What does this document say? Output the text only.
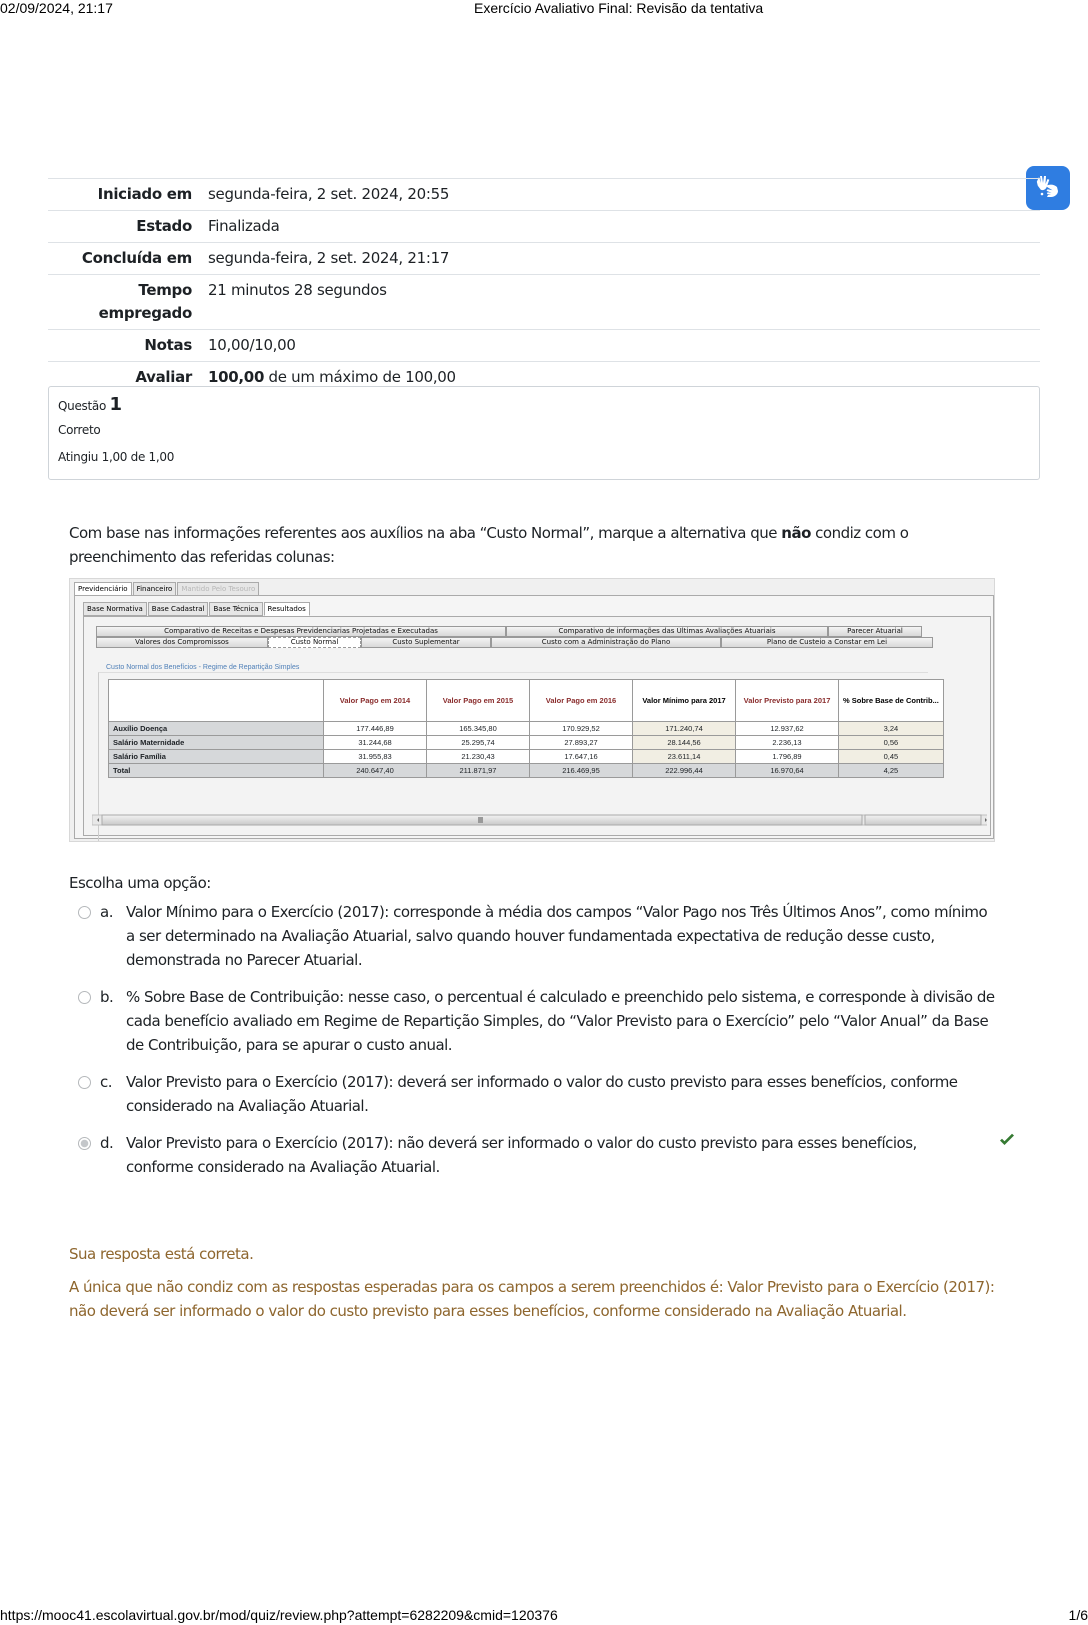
02/09/2024, 21:17	Exercício Avaliativo Final: Revisão da tentativa
Iniciado em	segunda-feira, 2 set. 2024, 20:55
Estado	Finalizada
Concluída em	segunda-feira, 2 set. 2024, 21:17
Tempo empregado	21 minutos 28 segundos
Notas	10,00/10,00
Avaliar	100,00 de um máximo de 100,00
Questão 1
Correto
Atingiu 1,00 de 1,00
Com base nas informações referentes aos auxílios na aba “Custo Normal”, marque a alternativa que não condiz com o preenchimento das referidas colunas:
Previdenciário	Financeiro	Mantido Pelo Tesouro
Base Normativa	Base Cadastral	Base Técnica	Resultados
Comparativo de Receitas e Despesas Previdenciarias Projetadas e Executadas	Comparativo de informações das Últimas Avaliações Atuariais	Parecer Atuarial
Valores dos Compromissos	Custo Normal	Custo Suplementar	Custo com a Administração do Plano	Plano de Custeio a Constar em Lei
Custo Normal dos Benefícios - Regime de Repartição Simples
	Valor Pago em 2014	Valor Pago em 2015	Valor Pago em 2016	Valor Mínimo para 2017	Valor Previsto para 2017	% Sobre Base de Contrib...
Auxílio Doença	177.446,89	165.345,80	170.929,52	171.240,74	12.937,62	3,24
Salário Maternidade	31.244,68	25.295,74	27.893,27	28.144,56	2.236,13	0,56
Salário Família	31.955,83	21.230,43	17.647,16	23.611,14	1.796,89	0,45
Total	240.647,40	211.871,97	216.469,95	222.996,44	16.970,64	4,25
Escolha uma opção:
a. Valor Mínimo para o Exercício (2017): corresponde à média dos campos “Valor Pago nos Três Últimos Anos”, como mínimo a ser determinado na Avaliação Atuarial, salvo quando houver fundamentada expectativa de redução desse custo, demonstrada no Parecer Atuarial.
b. % Sobre Base de Contribuição: nesse caso, o percentual é calculado e preenchido pelo sistema, e corresponde à divisão de cada benefício avaliado em Regime de Repartição Simples, do “Valor Previsto para o Exercício” pelo “Valor Anual” da Base de Contribuição, para se apurar o custo anual.
c. Valor Previsto para o Exercício (2017): deverá ser informado o valor do custo previsto para esses benefícios, conforme considerado na Avaliação Atuarial.
d. Valor Previsto para o Exercício (2017): não deverá ser informado o valor do custo previsto para esses benefícios, conforme considerado na Avaliação Atuarial.
Sua resposta está correta.
A única que não condiz com as respostas esperadas para os campos a serem preenchidos é: Valor Previsto para o Exercício (2017): não deverá ser informado o valor do custo previsto para esses benefícios, conforme considerado na Avaliação Atuarial.
https://mooc41.escolavirtual.gov.br/mod/quiz/review.php?attempt=6282209&cmid=120376	1/6
